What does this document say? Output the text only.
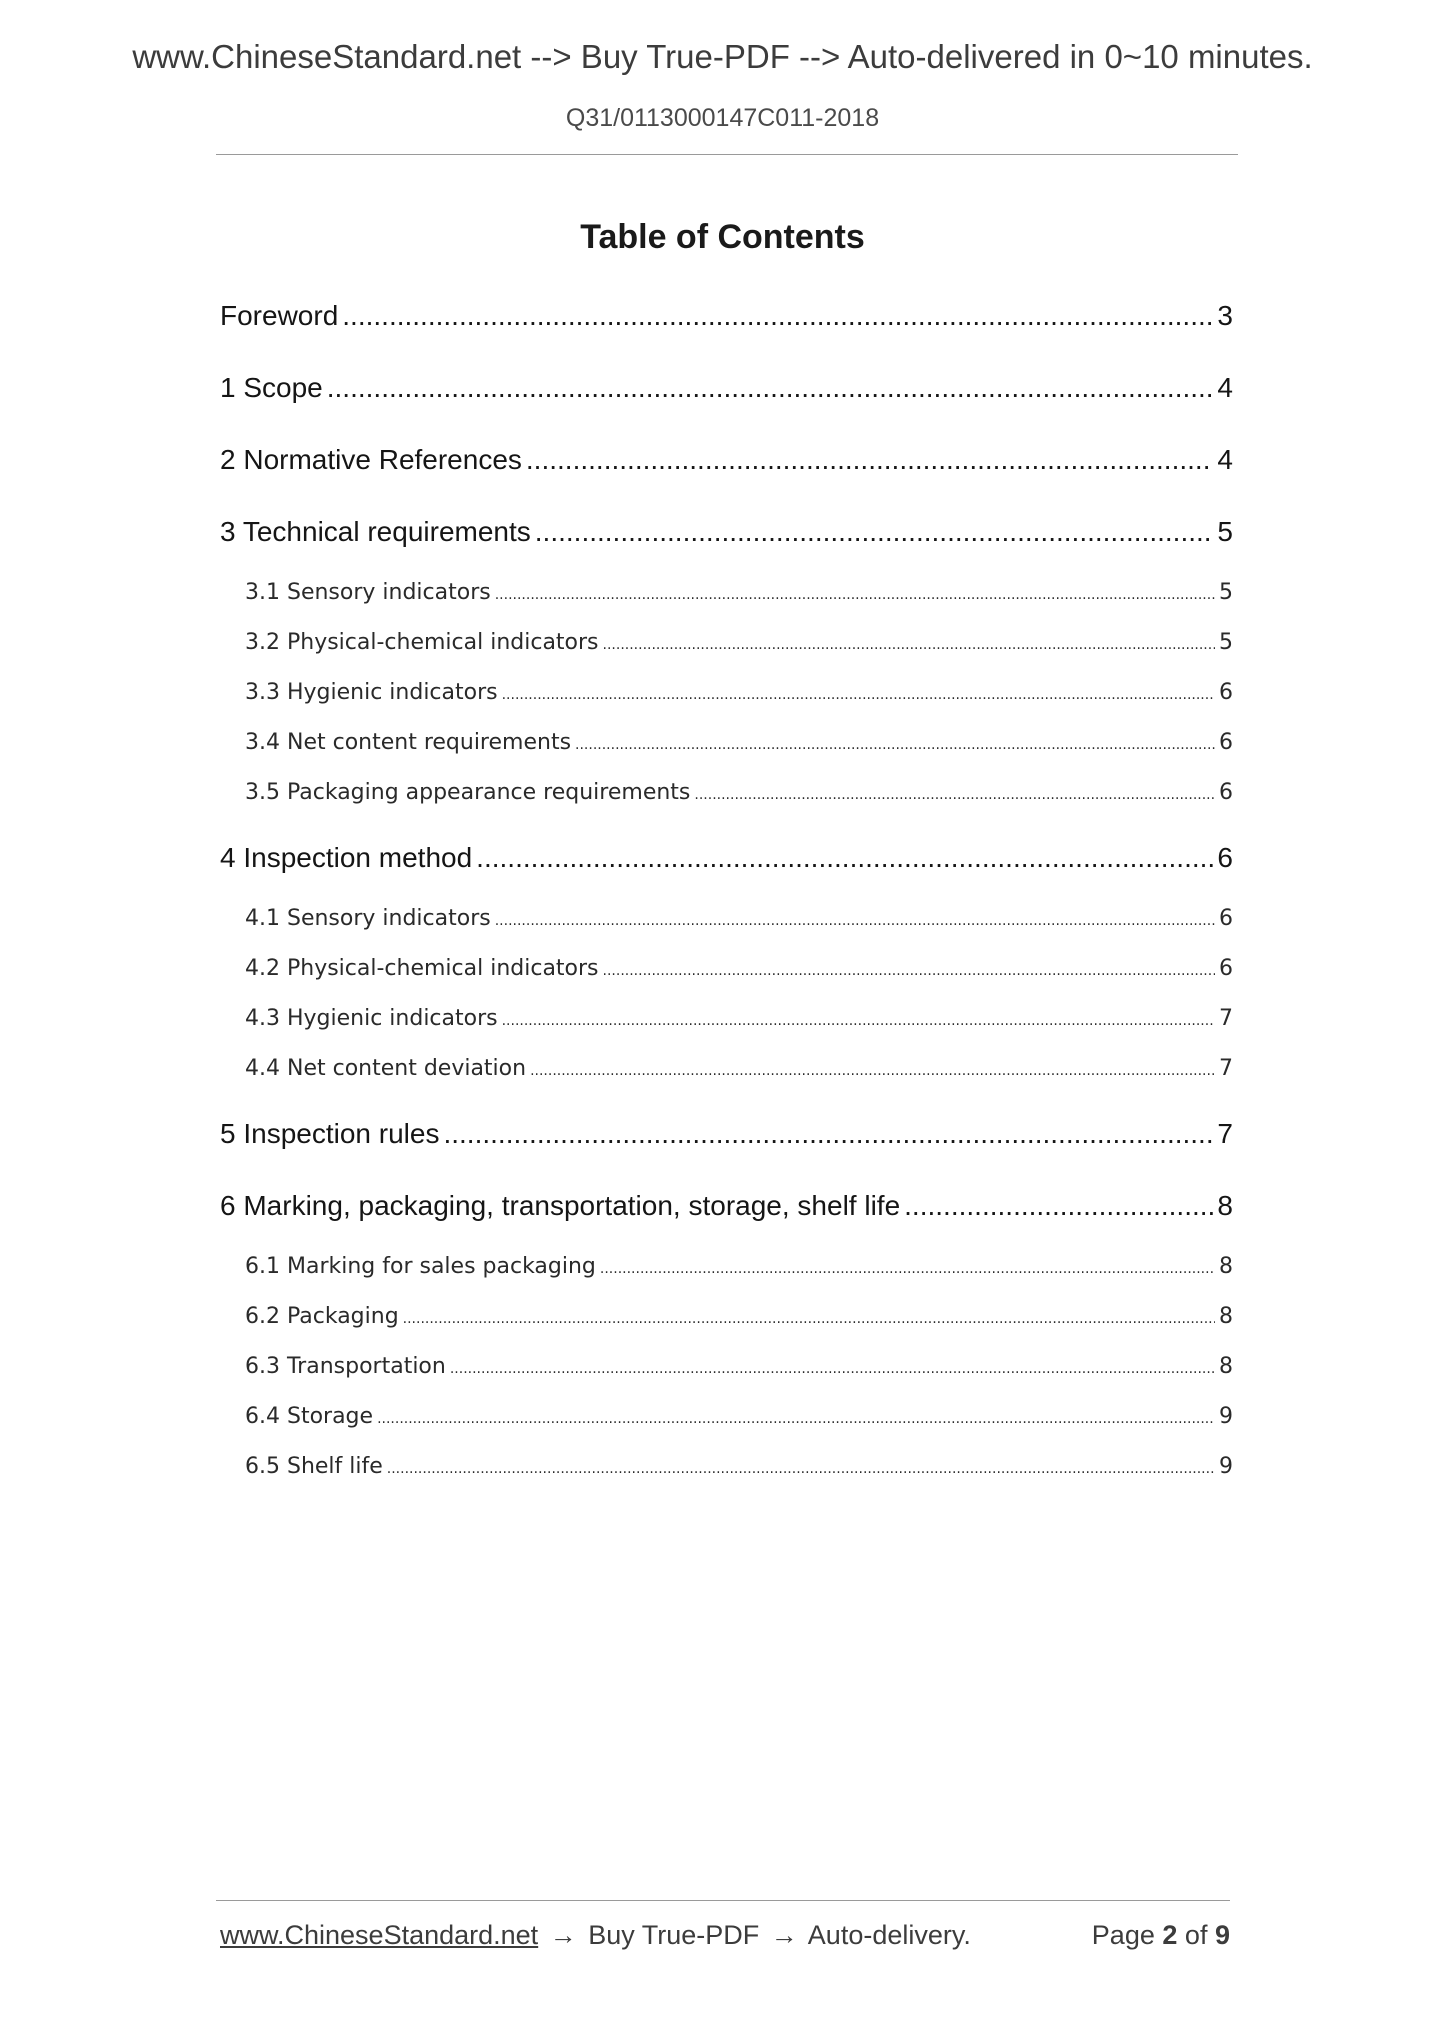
www.ChineseStandard.net --> Buy True-PDF --> Auto-delivered in 0~10 minutes.
Q31/0113000147C011-2018
Table of Contents
Foreword .....	3
1 Scope .....	4
2 Normative References .....	4
3 Technical requirements .....	5
3.1 Sensory indicators .....	5
3.2 Physical-chemical indicators .....	5
3.3 Hygienic indicators .....	6
3.4 Net content requirements .....	6
3.5 Packaging appearance requirements .....	6
4 Inspection method .....	6
4.1 Sensory indicators .....	6
4.2 Physical-chemical indicators .....	6
4.3 Hygienic indicators .....	7
4.4 Net content deviation .....	7
5 Inspection rules .....	7
6 Marking, packaging, transportation, storage, shelf life .....	8
6.1 Marking for sales packaging .....	8
6.2 Packaging .....	8
6.3 Transportation .....	8
6.4 Storage .....	9
6.5 Shelf life .....	9
www.ChineseStandard.net → Buy True-PDF → Auto-delivery.	Page 2 of 9
